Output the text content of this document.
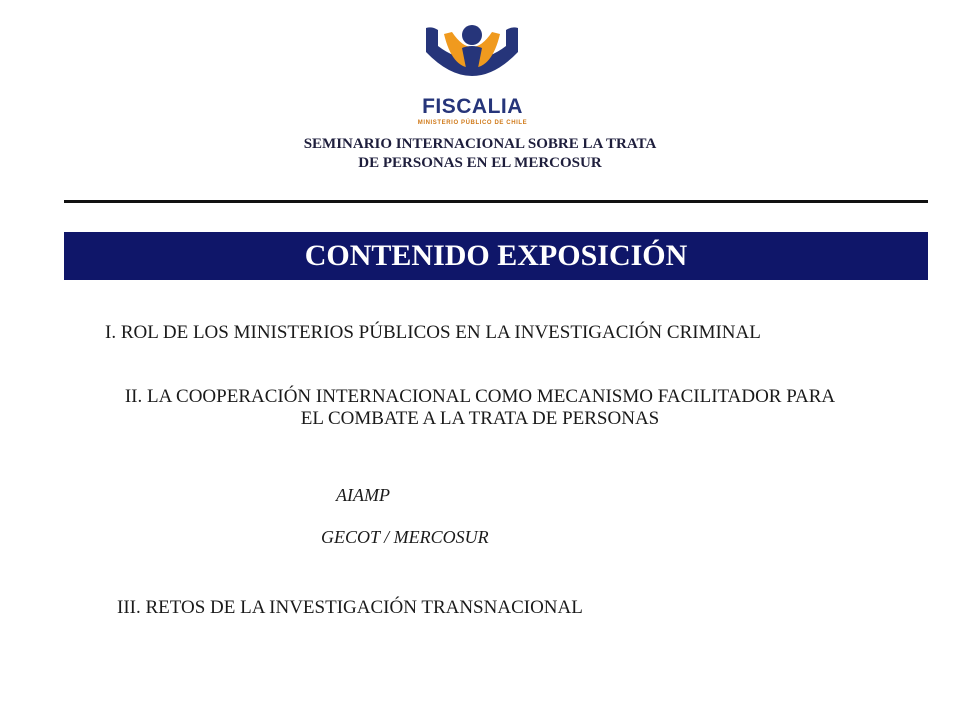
FISCALIA
MINISTERIO PÚBLICO DE CHILE
SEMINARIO INTERNACIONAL SOBRE LA TRATA
DE PERSONAS EN EL MERCOSUR
CONTENIDO EXPOSICIÓN
I. ROL DE LOS MINISTERIOS PÚBLICOS EN LA INVESTIGACIÓN CRIMINAL
II. LA COOPERACIÓN INTERNACIONAL COMO MECANISMO FACILITADOR PARA
EL COMBATE A LA TRATA DE PERSONAS
AIAMP
GECOT / MERCOSUR
III. RETOS DE LA INVESTIGACIÓN TRANSNACIONAL
